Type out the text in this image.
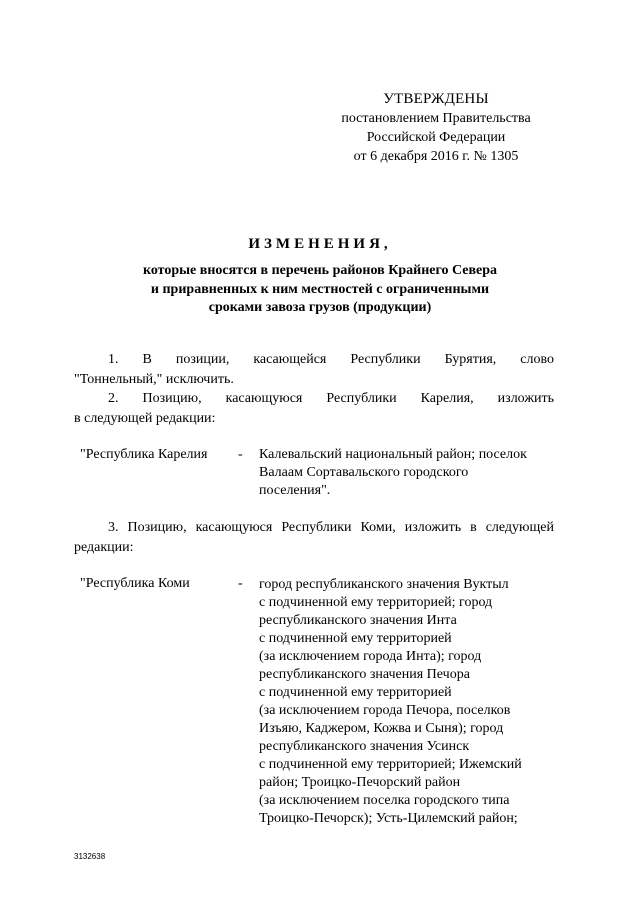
УТВЕРЖДЕНЫ
постановлением Правительства
Российской Федерации
от 6 декабря 2016 г. № 1305
ИЗМЕНЕНИЯ,
которые вносятся в перечень районов Крайнего Севера
и приравненных к ним местностей с ограниченными
сроками завоза грузов (продукции)
1. В позиции, касающейся Республики Бурятия, слово
"Тоннельный," исключить.
2. Позицию, касающуюся Республики Карелия, изложить
в следующей редакции:
"Республика Карелия - Калевальский национальный район; поселок
Валаам Сортавальского городского
поселения".
3. Позицию, касающуюся Республики Коми, изложить в следующей
редакции:
"Республика Коми	- город республиканского значения Вуктыл
с подчиненной ему территорией; город
республиканского значения Инта
с подчиненной ему территорией
(за исключением города Инта); город
республиканского значения Печора
с подчиненной ему территорией
(за исключением города Печора, поселков
Изъяю, Каджером, Кожва и Сыня); город
республиканского значения Усинск
с подчиненной ему территорией; Ижемский
район; Троицко-Печорский район
(за исключением поселка городского типа
Троицко-Печорск); Усть-Цилемский район;
3132638
